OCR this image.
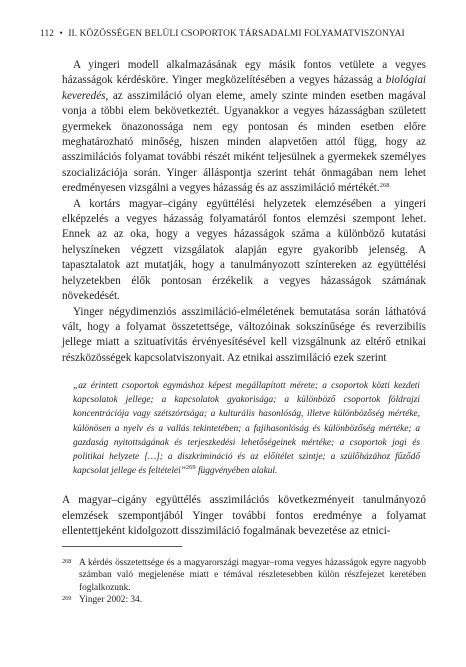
112 • II. KÖZÖSSÉGEN BELÜLI CSOPORTOK TÁRSADALMI FOLYAMATVISZONYAI

A yingeri modell alkalmazásának egy másik fontos vetülete a vegyes házasságok kérdésköre. Yinger megközelítésében a vegyes házasság a biológiai keveredés, az asszimiláció olyan eleme, amely szinte minden esetben magával vonja a többi elem bekövetkeztét. Ugyanakkor a vegyes házasságban született gyermekek önazonossága nem egy pontosan és minden esetben előre meghatározható minőség, hiszen minden alapvetően attól függ, hogy az asszimilációs folyamat további részét miként teljesülnek a gyermekek személyes szocializációja során. Yinger álláspontja szerint tehát önmagában nem lehet eredményesen vizsgálni a vegyes házasság és az asszimiláció mértékét.$^{268}$

A kortárs magyar–cigány együttélési helyzetek elemzésében a yingeri elképzelés a vegyes házasság folyamatáról fontos elemzési szempont lehet. Ennek az az oka, hogy a vegyes házasságok száma a különböző kutatási helyszíneken végzett vizsgálatok alapján egyre gyakoribb jelenség. A tapasztalatok azt mutatják, hogy a tanulmányozott színtereken az együttélési helyzetekben élők pontosan érzékelik a vegyes házasságok számának növekedését.

Yinger négydimenziós asszimiláció-elméletének bemutatása során láthatóvá vált, hogy a folyamat összetettsége, változóinak sokszínűsége és reverzibilis jellege miatt a szituatívitás érvényesítésével kell vizsgálnunk az eltérő etnikai részközösségek kapcsolatviszonyait. Az etnikai asszimiláció ezek szerint

„az érintett csoportok egymáshoz képest megállapított mérete; a csoportok közti kezdeti kapcsolatok jellege; a kapcsolatok gyakorisága; a különböző csoportok földrajzi koncentrációja vagy szétszórtsága; a kulturális hasonlóság, illetve különbözőség mértéke, különösen a nyelv és a vallás tekintetében; a fajihasonlóság és különbözőség mértéke; a gazdaság nyitottságának és terjeszkedési lehetőségeinek mértéke; a csoportok jogi és politikai helyzete […]; a diszkrimináció és az előítélet szintje; a szülőházához fűződő kapcsolat jellege és feltételei”$^{269}$ függvényében alakul.

A magyar–cigány együttélés asszimilációs következményeit tanulmányozó elemzések szempontjából Yinger további fontos eredménye a folyamat ellentettjeként kidolgozott disszimiláció fogalmának bevezetése az etnici-

268 A kérdés összetettsége és a magyarországi magyar–roma vegyes házasságok egyre nagyobb számban való megjelenése miatt e témával részletesebben külön részfejezet keretében foglalkozunk.
269 Yinger 2002: 34.
